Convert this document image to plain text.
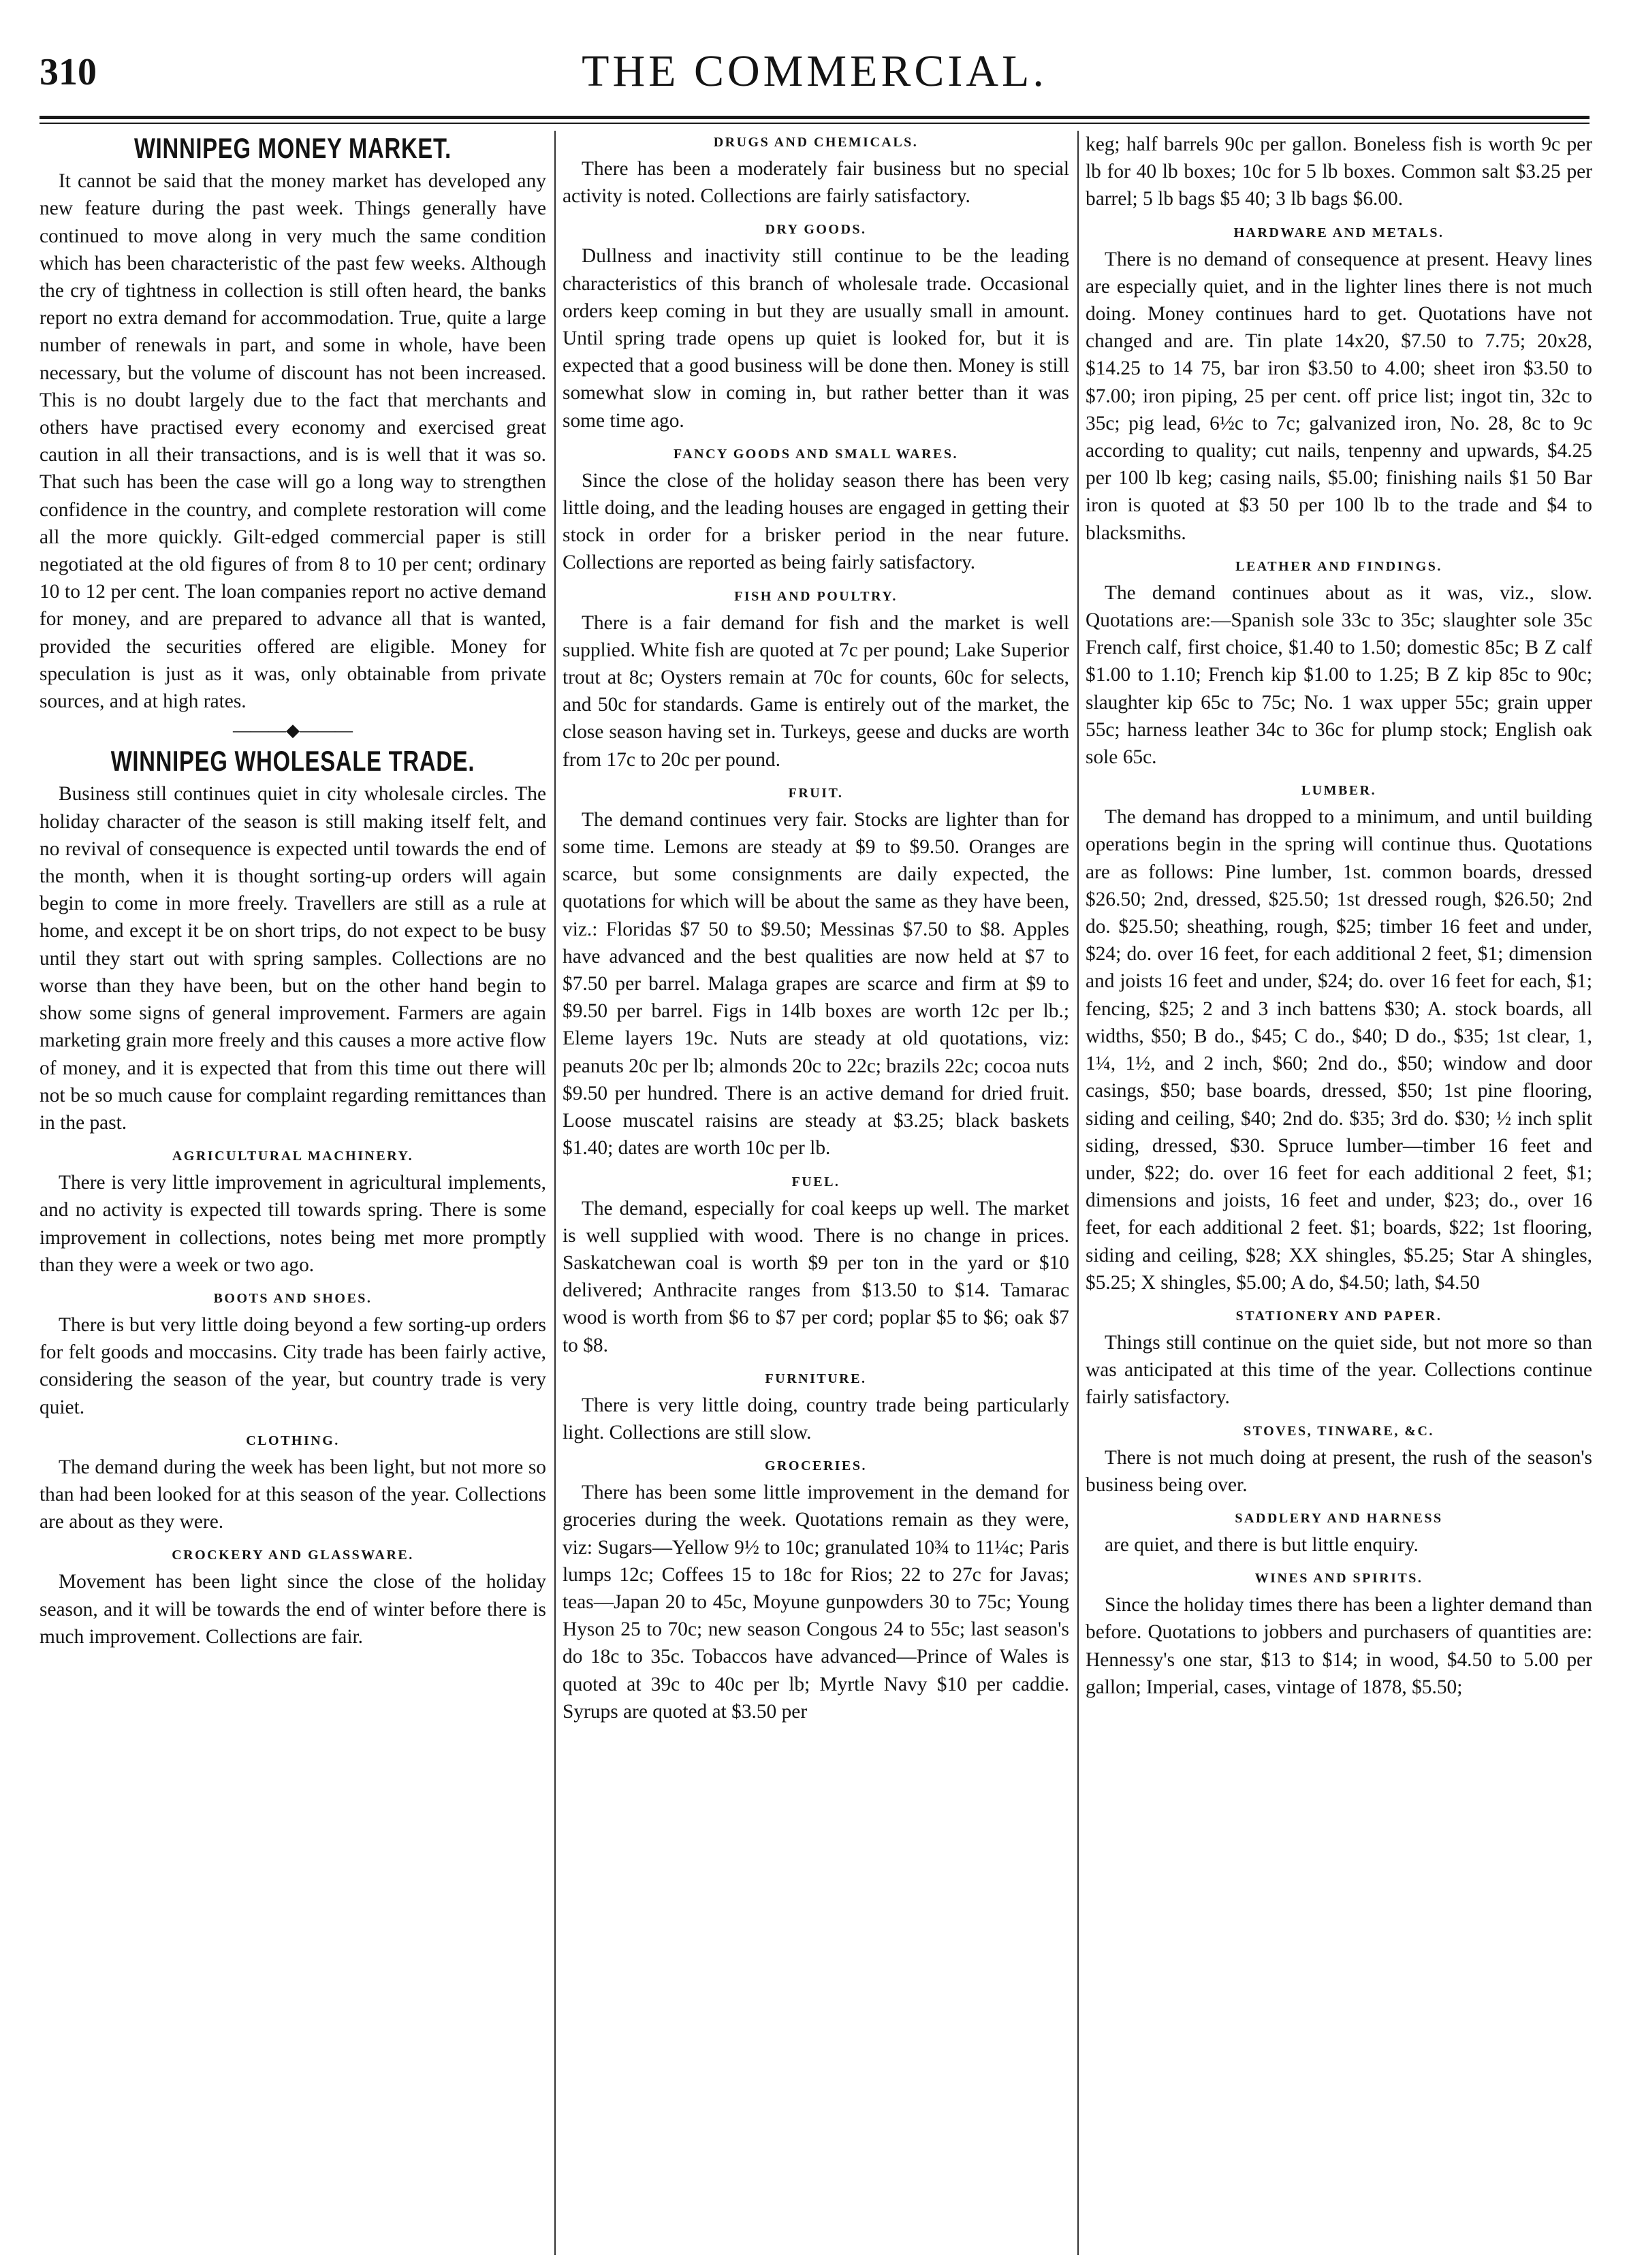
310	THE COMMERCIAL.
WINNIPEG MONEY MARKET.

It cannot be said that the money market has developed any new feature during the past week. Things generally have continued to move along in very much the same condition which has been characteristic of the past few weeks. Although the cry of tightness in collection is still often heard, the banks report no extra demand for accommodation. True, quite a large number of renewals in part, and some in whole, have been necessary, but the volume of discount has not been increased. This is no doubt largely due to the fact that merchants and others have practised every economy and exercised great caution in all their transactions, and is is well that it was so. That such has been the case will go a long way to strengthen confidence in the country, and complete restoration will come all the more quickly. Gilt-edged commercial paper is still negotiated at the old figures of from 8 to 10 per cent; ordinary 10 to 12 per cent. The loan companies report no active demand for money, and are prepared to advance all that is wanted, provided the securities offered are eligible. Money for speculation is just as it was, only obtainable from private sources, and at high rates.

———◆———
WINNIPEG WHOLESALE TRADE.

Business still continues quiet in city wholesale circles. The holiday character of the season is still making itself felt, and no revival of consequence is expected until towards the end of the month, when it is thought sorting-up orders will again begin to come in more freely. Travellers are still as a rule at home, and except it be on short trips, do not expect to be busy until they start out with spring samples. Collections are no worse than they have been, but on the other hand begin to show some signs of general improvement. Farmers are again marketing grain more freely and this causes a more active flow of money, and it is expected that from this time out there will not be so much cause for complaint regarding remittances than in the past.

AGRICULTURAL MACHINERY.

There is very little improvement in agricultural implements, and no activity is expected till towards spring. There is some improvement in collections, notes being met more promptly than they were a week or two ago.

BOOTS AND SHOES.

There is but very little doing beyond a few sorting-up orders for felt goods and moccasins. City trade has been fairly active, considering the season of the year, but country trade is very quiet.

CLOTHING.

The demand during the week has been light, but not more so than had been looked for at this season of the year. Collections are about as they were.

CROCKERY AND GLASSWARE.

Movement has been light since the close of the holiday season, and it will be towards the end of winter before there is much improvement. Collections are fair.

DRUGS AND CHEMICALS.

There has been a moderately fair business but no special activity is noted. Collections are fairly satisfactory.

DRY GOODS.

Dullness and inactivity still continue to be the leading characteristics of this branch of wholesale trade. Occasional orders keep coming in but they are usually small in amount. Until spring trade opens up quiet is looked for, but it is expected that a good business will be done then. Money is still somewhat slow in coming in, but rather better than it was some time ago.

FANCY GOODS AND SMALL WARES.

Since the close of the holiday season there has been very little doing, and the leading houses are engaged in getting their stock in order for a brisker period in the near future. Collections are reported as being fairly satisfactory.

FISH AND POULTRY.

There is a fair demand for fish and the market is well supplied. White fish are quoted at 7c per pound; Lake Superior trout at 8c; Oysters remain at 70c for counts, 60c for selects, and 50c for standards. Game is entirely out of the market, the close season having set in. Turkeys, geese and ducks are worth from 17c to 20c per pound.

FRUIT.

The demand continues very fair. Stocks are lighter than for some time. Lemons are steady at $9 to $9.50. Oranges are scarce, but some consignments are daily expected, the quotations for which will be about the same as they have been, viz.: Floridas $7 50 to $9.50; Messinas $7.50 to $8. Apples have advanced and the best qualities are now held at $7 to $7.50 per barrel. Malaga grapes are scarce and firm at $9 to $9.50 per barrel. Figs in 14lb boxes are worth 12c per lb.; Eleme layers 19c. Nuts are steady at old quotations, viz: peanuts 20c per lb; almonds 20c to 22c; brazils 22c; cocoa nuts $9.50 per hundred. There is an active demand for dried fruit. Loose muscatel raisins are steady at $3.25; black baskets $1.40; dates are worth 10c per lb.

FUEL.

The demand, especially for coal keeps up well. The market is well supplied with wood. There is no change in prices. Saskatchewan coal is worth $9 per ton in the yard or $10 delivered; Anthracite ranges from $13.50 to $14. Tamarac wood is worth from $6 to $7 per cord; poplar $5 to $6; oak $7 to $8.

FURNITURE.

There is very little doing, country trade being particularly light. Collections are still slow.

GROCERIES.

There has been some little improvement in the demand for groceries during the week. Quotations remain as they were, viz: Sugars—Yellow 9½ to 10c; granulated 10¾ to 11¼c; Paris lumps 12c; Coffees 15 to 18c for Rios; 22 to 27c for Javas; teas—Japan 20 to 45c, Moyune gunpowders 30 to 75c; Young Hyson 25 to 70c; new season Congous 24 to 55c; last season's do 18c to 35c. Tobaccos have advanced—Prince of Wales is quoted at 39c to 40c per lb; Myrtle Navy $10 per caddie. Syrups are quoted at $3.50 per

keg; half barrels 90c per gallon. Boneless fish is worth 9c per lb for 40 lb boxes; 10c for 5 lb boxes. Common salt $3.25 per barrel; 5 lb bags $5 40; 3 lb bags $6.00.

HARDWARE AND METALS.

There is no demand of consequence at present. Heavy lines are especially quiet, and in the lighter lines there is not much doing. Money continues hard to get. Quotations have not changed and are. Tin plate 14x20, $7.50 to 7.75; 20x28, $14.25 to 14 75, bar iron $3.50 to 4.00; sheet iron $3.50 to $7.00; iron piping, 25 per cent. off price list; ingot tin, 32c to 35c; pig lead, 6½c to 7c; galvanized iron, No. 28, 8c to 9c according to quality; cut nails, tenpenny and upwards, $4.25 per 100 lb keg; casing nails, $5.00; finishing nails $1 50 Bar iron is quoted at $3 50 per 100 lb to the trade and $4 to blacksmiths.

LEATHER AND FINDINGS.

The demand continues about as it was, viz., slow. Quotations are:—Spanish sole 33c to 35c; slaughter sole 35c French calf, first choice, $1.40 to 1.50; domestic 85c; B Z calf $1.00 to 1.10; French kip $1.00 to 1.25; B Z kip 85c to 90c; slaughter kip 65c to 75c; No. 1 wax upper 55c; grain upper 55c; harness leather 34c to 36c for plump stock; English oak sole 65c.

LUMBER.

The demand has dropped to a minimum, and until building operations begin in the spring will continue thus. Quotations are as follows: Pine lumber, 1st. common boards, dressed $26.50; 2nd, dressed, $25.50; 1st dressed rough, $26.50; 2nd do. $25.50; sheathing, rough, $25; timber 16 feet and under, $24; do. over 16 feet, for each additional 2 feet, $1; dimension and joists 16 feet and under, $24; do. over 16 feet for each, $1; fencing, $25; 2 and 3 inch battens $30; A. stock boards, all widths, $50; B do., $45; C do., $40; D do., $35; 1st clear, 1, 1¼, 1½, and 2 inch, $60; 2nd do., $50; window and door casings, $50; base boards, dressed, $50; 1st pine flooring, siding and ceiling, $40; 2nd do. $35; 3rd do. $30; ½ inch split siding, dressed, $30. Spruce lumber—timber 16 feet and under, $22; do. over 16 feet for each additional 2 feet, $1; dimensions and joists, 16 feet and under, $23; do., over 16 feet, for each additional 2 feet. $1; boards, $22; 1st flooring, siding and ceiling, $28; XX shingles, $5.25; Star A shingles, $5.25; X shingles, $5.00; A do, $4.50; lath, $4.50

STATIONERY AND PAPER.

Things still continue on the quiet side, but not more so than was anticipated at this time of the year. Collections continue fairly satisfactory.

STOVES, TINWARE, &C.

There is not much doing at present, the rush of the season's business being over.

SADDLERY AND HARNESS

are quiet, and there is but little enquiry.

WINES AND SPIRITS.

Since the holiday times there has been a lighter demand than before. Quotations to jobbers and purchasers of quantities are: Hennessy's one star, $13 to $14; in wood, $4.50 to 5.00 per gallon; Imperial, cases, vintage of 1878, $5.50;
